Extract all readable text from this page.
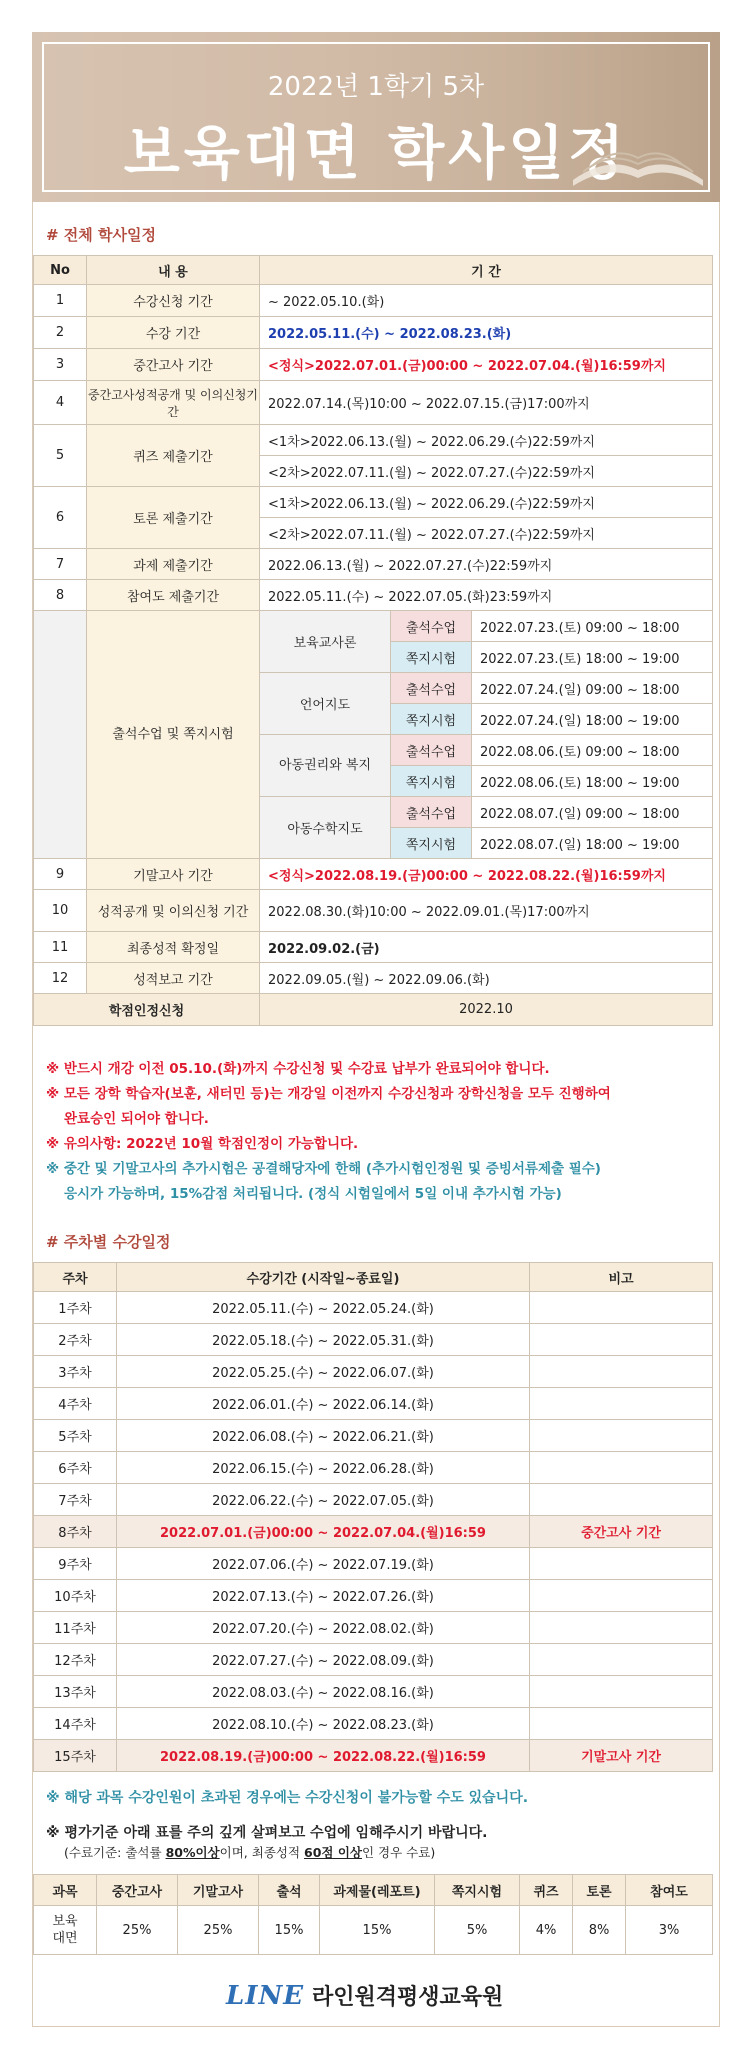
2022년 1학기 5차
보육대면 학사일정
# 전체 학사일정
No	내 용	기 간		
1	수강신청 기간	~ 2022.05.10.(화)		
2	수강 기간	2022.05.11.(수) ~ 2022.08.23.(화)		
3	중간고사 기간	<정식>2022.07.01.(금)00:00 ~ 2022.07.04.(월)16:59까지		
4	중간고사성적공개 및 이의신청기간	2022.07.14.(목)10:00 ~ 2022.07.15.(금)17:00까지		
5	퀴즈 제출기간	<1차>2022.06.13.(월) ~ 2022.06.29.(수)22:59까지		
		<2차>2022.07.11.(월) ~ 2022.07.27.(수)22:59까지		
6	토론 제출기간	<1차>2022.06.13.(월) ~ 2022.06.29.(수)22:59까지		
		<2차>2022.07.11.(월) ~ 2022.07.27.(수)22:59까지		
7	과제 제출기간	2022.06.13.(월) ~ 2022.07.27.(수)22:59까지		
8	참여도 제출기간	2022.05.11.(수) ~ 2022.07.05.(화)23:59까지		
	출석수업 및 쪽지시험	보육교사론	출석수업	2022.07.23.(토) 09:00 ~ 18:00
			쪽지시험	2022.07.23.(토) 18:00 ~ 19:00
		언어지도	출석수업	2022.07.24.(일) 09:00 ~ 18:00
			쪽지시험	2022.07.24.(일) 18:00 ~ 19:00
		아동권리와 복지	출석수업	2022.08.06.(토) 09:00 ~ 18:00
			쪽지시험	2022.08.06.(토) 18:00 ~ 19:00
		아동수학지도	출석수업	2022.08.07.(일) 09:00 ~ 18:00
			쪽지시험	2022.08.07.(일) 18:00 ~ 19:00
9	기말고사 기간	<정식>2022.08.19.(금)00:00 ~ 2022.08.22.(월)16:59까지		
10	성적공개 및 이의신청 기간	2022.08.30.(화)10:00 ~ 2022.09.01.(목)17:00까지		
11	최종성적 확정일	2022.09.02.(금)		
12	성적보고 기간	2022.09.05.(월) ~ 2022.09.06.(화)		
학점인정신청		2022.10		
※ 반드시 개강 이전 05.10.(화)까지 수강신청 및 수강료 납부가 완료되어야 합니다.
※ 모든 장학 학습자(보훈, 새터민 등)는 개강일 이전까지 수강신청과 장학신청을 모두 진행하여
완료승인 되어야 합니다.
※ 유의사항: 2022년 10월 학점인정이 가능합니다.
※ 중간 및 기말고사의 추가시험은 공결해당자에 한해 (추가시험인정원 및 증빙서류제출 필수)
응시가 가능하며, 15%감점 처리됩니다. (정식 시험일에서 5일 이내 추가시험 가능)
# 주차별 수강일정
주차	수강기간 (시작일~종료일)	비고
1주차	2022.05.11.(수) ~ 2022.05.24.(화)	
2주차	2022.05.18.(수) ~ 2022.05.31.(화)	
3주차	2022.05.25.(수) ~ 2022.06.07.(화)	
4주차	2022.06.01.(수) ~ 2022.06.14.(화)	
5주차	2022.06.08.(수) ~ 2022.06.21.(화)	
6주차	2022.06.15.(수) ~ 2022.06.28.(화)	
7주차	2022.06.22.(수) ~ 2022.07.05.(화)	
8주차	2022.07.01.(금)00:00 ~ 2022.07.04.(월)16:59	중간고사 기간
9주차	2022.07.06.(수) ~ 2022.07.19.(화)	
10주차	2022.07.13.(수) ~ 2022.07.26.(화)	
11주차	2022.07.20.(수) ~ 2022.08.02.(화)	
12주차	2022.07.27.(수) ~ 2022.08.09.(화)	
13주차	2022.08.03.(수) ~ 2022.08.16.(화)	
14주차	2022.08.10.(수) ~ 2022.08.23.(화)	
15주차	2022.08.19.(금)00:00 ~ 2022.08.22.(월)16:59	기말고사 기간
※ 해당 과목 수강인원이 초과된 경우에는 수강신청이 불가능할 수도 있습니다.
※ 평가기준 아래 표를 주의 깊게 살펴보고 수업에 임해주시기 바랍니다.
(수료기준: 출석률 80%이상이며, 최종성적 60점 이상인 경우 수료)
과목	중간고사	기말고사	출석	과제물(레포트)	쪽지시험	퀴즈	토론	참여도
보육 대면	25%	25%	15%	15%	5%	4%	8%	3%
LINE 라인원격평생교육원
